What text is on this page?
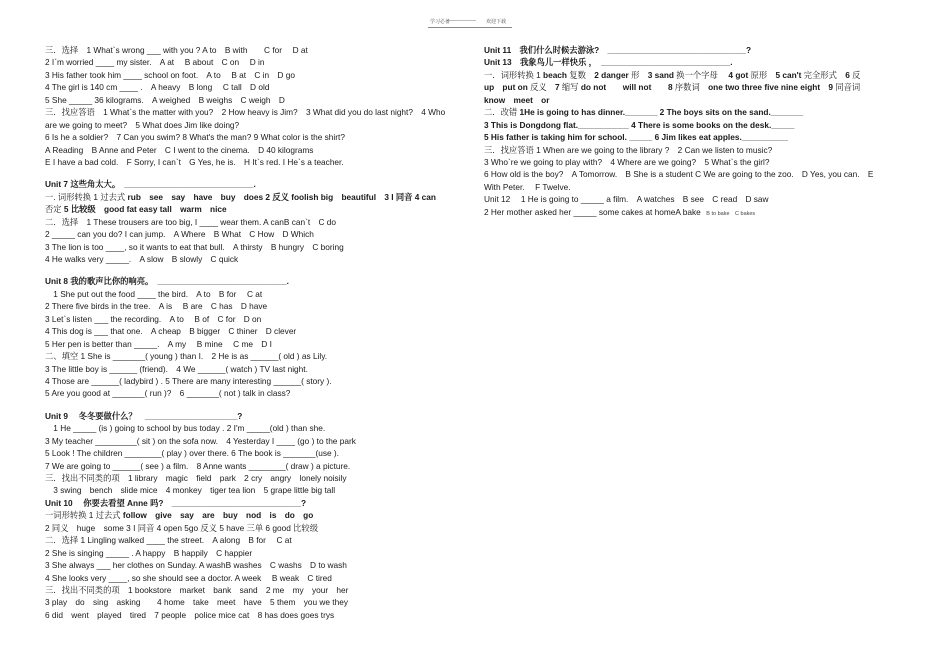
学习必备
—————— 欢迎下载
三．选择　1 What`s wrong ___ with you ? A to　B with　　C for　 D at
2 I`m worried ____ my sister.　A at　 B about　C on　 D in
3 His father took him ____ school on foot.　A to　 B at　C in　D go
4 The girl is 140 cm ____ .　A heavy　B long　 C tall　D old
5 She _____ 36 kilograms.　A weighed　B weighs　C weigh　D
三．找应答语　1 What`s the matter with you?　2 How heavy is Jim?　3 What did you do last night?　4 Who
are we going to meet?　5 What does Jim like doing?
6 Is he a soldier?　7 Can you swim? 8 What's the man? 9 What color is the shirt?
A Reading　B Anne and Peter　C I went to the cinema.　D 40 kilograms
E I have a bad cold.　F Sorry, I can`t　G Yes, he is.　H It`s red. I He`s a teacher.
Unit 7 这些角太大。　____________________________.
一. 词形转换 1 过去式 rub　see　say　have　buy　does 2 反义 foolish big　beautiful　3 I 同音 4 can
否定 5 比较级　good fat easy tall　warm　nice
二．选择　1 These trousers are too big, I ____ wear them. A canB can`t　C do
2 _____ can you do? I can jump.　A Where　B What　C How　D Which
3 The lion is too ____, so it wants to eat that bull.　A thirsty　B hungry　C boring
4 He walks very _____.　A slow　B slowly　C quick
Unit 8 我的歌声比你的响亮。　____________________________.
　1 She put out the food ____ the bird.　A to　B for　 C at
2 There five birds in the tree.　A is　 B are　C has　D have
3 Let`s listen ___ the recording.　A to　 B of　C for　D on
4 This dog is ___ that one.　A cheap　B bigger　C thiner　D clever
5 Her pen is better than _____.　A my　 B mine　 C me　D I
二、填空 1 She is _______( young ) than I.　2 He is as ______( old ) as Lily.
3 The little boy is ______ (friend).　4 We ______( watch ) TV last night.
4 Those are ______( ladybird ) . 5 There are many interesting ______( story ).
5 Are you good at _______( run )?　6 _______( not ) talk in class?
Unit 9　 冬冬要做什么？　____________________?
　1 He _____ (is ) going to school by bus today . 2 I'm _____(old ) than she.
3 My teacher _________( sit ) on the sofa now.　4 Yesterday I ____ (go ) to the park
5 Look ! The children ________( play ) over there. 6 The book is _______(use ).
7 We are going to ______( see ) a film.　8 Anne wants ________( draw ) a picture.
三．找出不同类的项　1 library　magic　field　park　2 cry　angry　lonely noisily
　3 swing　bench　slide mice　4 monkey　tiger tea lion　5 grape little big tall
Unit 10　 你要去看望 Anne 吗?　____________________________?
一词形转换 1 过去式 follow　give　say　are　buy　nod　is　do　go
2 同义　huge　some 3 I 同音 4 open 5go 反义 5 have 三单 6 good 比较级
二．选择 1 Lingling walked ____ the street.　A along　B for　 C at
2 She is singing _____ . A happy　B happily　C happier
3 She always ___ her clothes on Sunday. A washB washes　C washs　D to wash
4 She looks very ____, so she should see a doctor. A week　 B weak　C tired
三．找出不同类的项　1 bookstore　market　bank　sand　2 me　my　your　her
3 play　do　sing　asking　　4 home　take　meet　have　5 them　you we they
6 did　went　played　tired　7 people　police mice cat　8 has does goes trys
Unit 11　我们什么时候去游泳?　______________________________?
Unit 13　我象鸟儿一样快乐 ，　____________________________.
一．词形转换 1 beach 复数　2 danger 形　3 sand 换一个字母　 4 got 原形　5 can't 完全形式　6 反
up　put on 反义　7 缩写 do not　　will not　　 8 序数词　one two three five nine eight　9 同音词
know　meet　or
二．改错 1He is going to has dinner._______ 2 The boys sits on the sand._______
3 This is Dongdong flat.___________ 4 There is some books on the desk._____
5 His father is taking him for school. _____ 6 Jim likes eat apples.__________
三．找应答语 1 When are we going to the library ?　2 Can we listen to music?
3 Who`re we going to play with?　4 Where are we going?　5 What`s the girl?
6 How old is the boy?　A Tomorrow.　B She is a student C We are going to the zoo.　D Yes, you can.　E
With Peter.　 F Twelve.
Unit 12　 1 He is going to _____ a film.　A watches　B see　C read　D saw
2 Her mother asked her _____ some cakes at homeA bake　B to bake　C bakes
